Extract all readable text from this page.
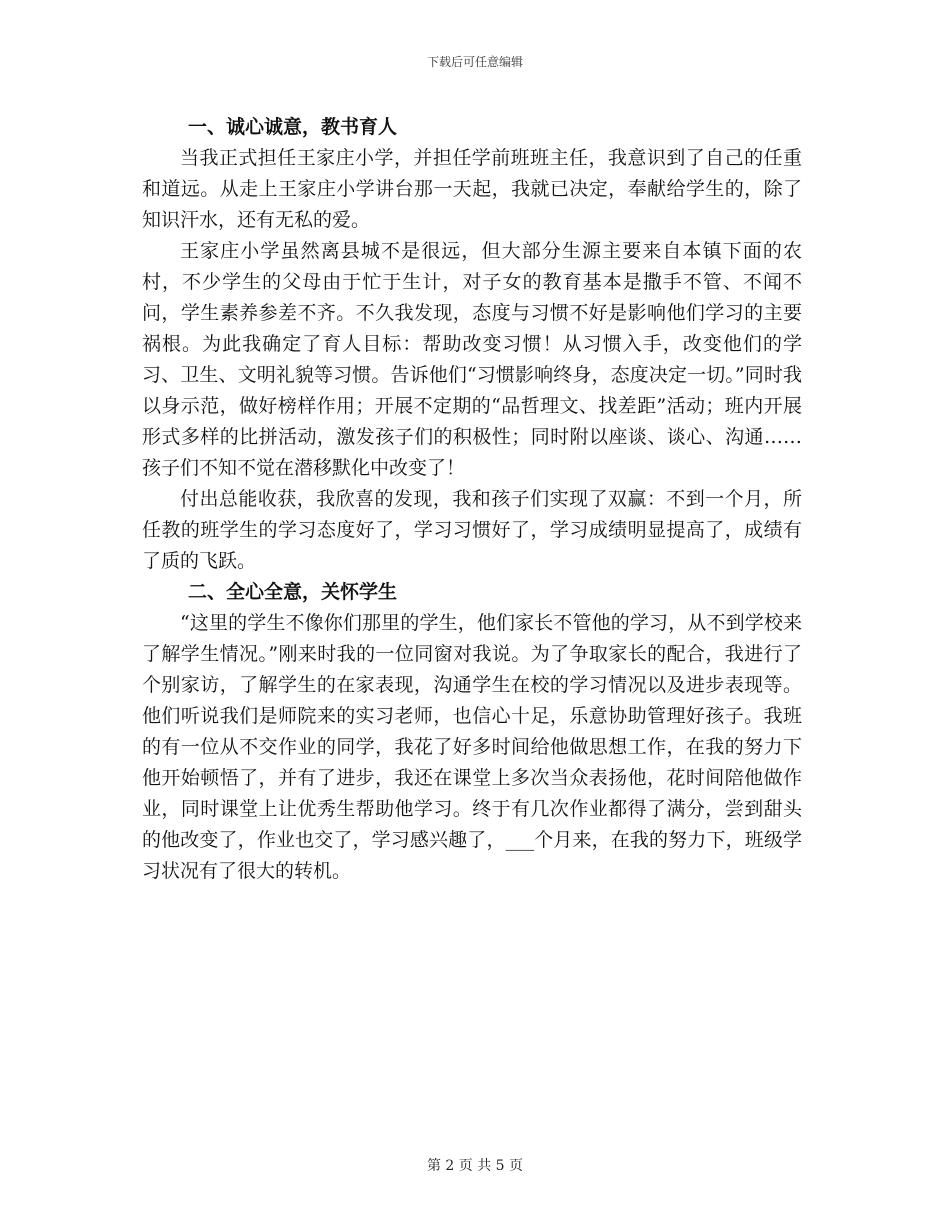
下载后可任意编辑
一、诚心诚意，教书育人

当我正式担任王家庄小学，并担任学前班班主任，我意识到了自己的任重和道远。从走上王家庄小学讲台那一天起，我就已决定，奉献给学生的，除了知识汗水，还有无私的爱。

王家庄小学虽然离县城不是很远，但大部分生源主要来自本镇下面的农村，不少学生的父母由于忙于生计，对子女的教育基本是撒手不管、不闻不问，学生素养参差不齐。不久我发现，态度与习惯不好是影响他们学习的主要祸根。为此我确定了育人目标：帮助改变习惯！从习惯入手，改变他们的学习、卫生、文明礼貌等习惯。告诉他们“习惯影响终身，态度决定一切。”同时我以身示范，做好榜样作用；开展不定期的“品哲理文、找差距”活动；班内开展形式多样的比拼活动，激发孩子们的积极性；同时附以座谈、谈心、沟通……孩子们不知不觉在潜移默化中改变了！

付出总能收获，我欣喜的发现，我和孩子们实现了双赢：不到一个月，所任教的班学生的学习态度好了，学习习惯好了，学习成绩明显提高了，成绩有了质的飞跃。

二、全心全意，关怀学生

“这里的学生不像你们那里的学生，他们家长不管他的学习，从不到学校来了解学生情况。”刚来时我的一位同窗对我说。为了争取家长的配合，我进行了个别家访，了解学生的在家表现，沟通学生在校的学习情况以及进步表现等。他们听说我们是师院来的实习老师，也信心十足，乐意协助管理好孩子。我班的有一位从不交作业的同学，我花了好多时间给他做思想工作，在我的努力下他开始顿悟了，并有了进步，我还在课堂上多次当众表扬他，花时间陪他做作业，同时课堂上让优秀生帮助他学习。终于有几次作业都得了满分，尝到甜头的他改变了，作业也交了，学习感兴趣了，___个月来，在我的努力下，班级学习状况有了很大的转机。

第 2 页 共 5 页
